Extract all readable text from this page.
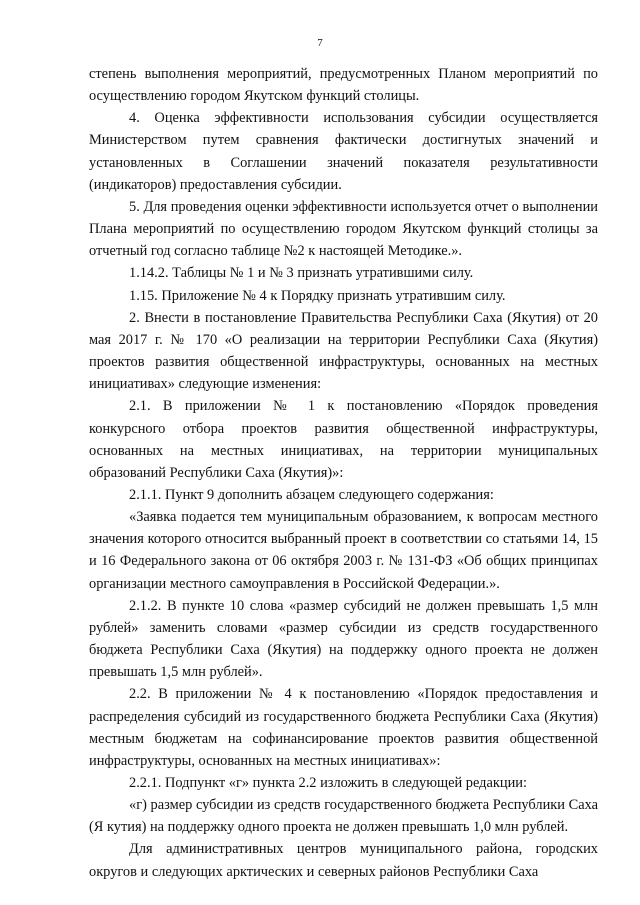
7

степень выполнения мероприятий, предусмотренных Планом мероприятий по осуществлению городом Якутском функций столицы.

4. Оценка эффективности использования субсидии осуществляется Министерством путем сравнения фактически достигнутых значений и установленных в Соглашении значений показателя результативности (индикаторов) предоставления субсидии.

5. Для проведения оценки эффективности используется отчет о выполнении Плана мероприятий по осуществлению городом Якутском функций столицы за отчетный год согласно таблице №2 к настоящей Методике.».

1.14.2. Таблицы № 1 и № 3 признать утратившими силу.

1.15. Приложение № 4 к Порядку признать утратившим силу.

2. Внести в постановление Правительства Республики Саха (Якутия) от 20 мая 2017 г. № 170 «О реализации на территории Республики Саха (Якутия) проектов развития общественной инфраструктуры, основанных на местных инициативах» следующие изменения:

2.1. В приложении № 1 к постановлению «Порядок проведения конкурсного отбора проектов развития общественной инфраструктуры, основанных на местных инициативах, на территории муниципальных образований Республики Саха (Якутия)»:

2.1.1. Пункт 9 дополнить абзацем следующего содержания:

«Заявка подается тем муниципальным образованием, к вопросам местного значения которого относится выбранный проект в соответствии со статьями 14, 15 и 16 Федерального закона от 06 октября 2003 г. № 131-ФЗ «Об общих принципах организации местного самоуправления в Российской Федерации.».

2.1.2. В пункте 10 слова «размер субсидий не должен превышать 1,5 млн рублей» заменить словами «размер субсидии из средств государственного бюджета Республики Саха (Якутия) на поддержку одного проекта не должен превышать 1,5 млн рублей».

2.2. В приложении № 4 к постановлению «Порядок предоставления и распределения субсидий из государственного бюджета Республики Саха (Якутия) местным бюджетам на софинансирование проектов развития общественной инфраструктуры, основанных на местных инициативах»:

2.2.1. Подпункт «г» пункта 2.2 изложить в следующей редакции:

«г) размер субсидии из средств государственного бюджета Республики Саха (Я кутия) на поддержку одного проекта не должен превышать 1,0 млн рублей.

Для административных центров муниципального района, городских округов и следующих арктических и северных районов Республики Саха
